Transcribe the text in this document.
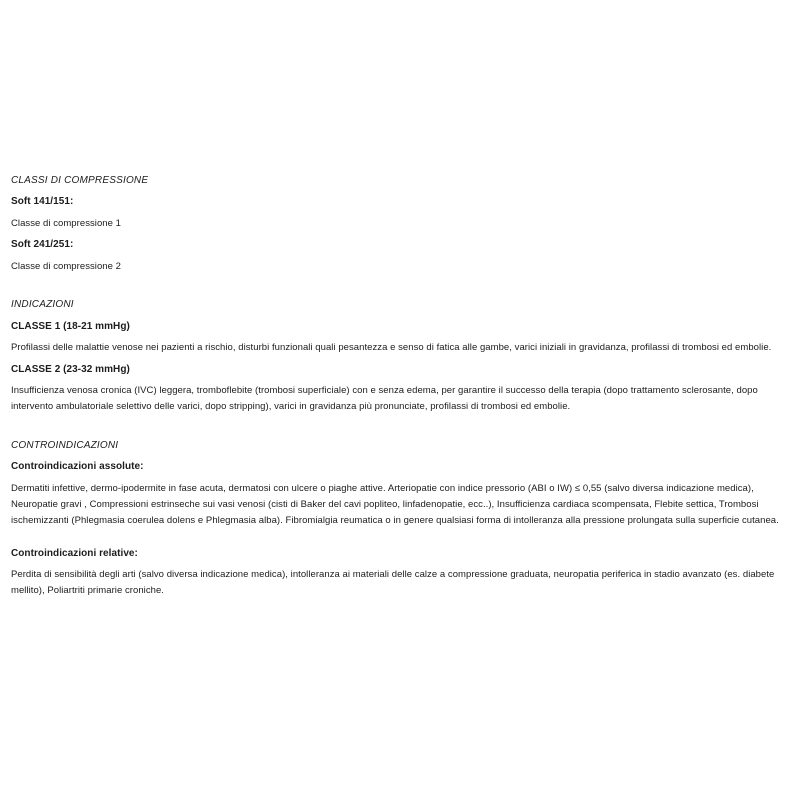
CLASSI DI COMPRESSIONE

Soft 141/151:

Classe di compressione 1

Soft 241/251:

Classe di compressione 2

INDICAZIONI

CLASSE 1 (18-21 mmHg)

Profilassi delle malattie venose nei pazienti a rischio, disturbi funzionali quali pesantezza e senso di fatica alle gambe, varici iniziali in gravidanza, profilassi di trombosi ed embolie.

CLASSE 2 (23-32 mmHg)

Insufficienza venosa cronica (IVC) leggera, tromboflebite (trombosi superficiale) con e senza edema, per garantire il successo della terapia (dopo trattamento sclerosante, dopo intervento ambulatoriale selettivo delle varici, dopo stripping), varici in gravidanza più pronunciate, profilassi di trombosi ed embolie.

CONTROINDICAZIONI

Controindicazioni assolute:

Dermatiti infettive, dermo-ipodermite in fase acuta, dermatosi con ulcere o piaghe attive. Arteriopatie con indice pressorio (ABI o IW) ≤ 0,55 (salvo diversa indicazione medica), Neuropatie gravi , Compressioni estrinseche sui vasi venosi (cisti di Baker del cavi popliteo, linfadenopatie, ecc..), Insufficienza cardiaca scompensata, Flebite settica, Trombosi ischemizzanti (Phlegmasia coerulea dolens e Phlegmasia alba). Fibromialgia reumatica o in genere qualsiasi forma di intolleranza alla pressione prolungata sulla superficie cutanea.

Controindicazioni relative:

Perdita di sensibilità degli arti (salvo diversa indicazione medica), intolleranza ai materiali delle calze a compressione graduata, neuropatia periferica in stadio avanzato (es. diabete mellito), Poliartriti primarie croniche.
